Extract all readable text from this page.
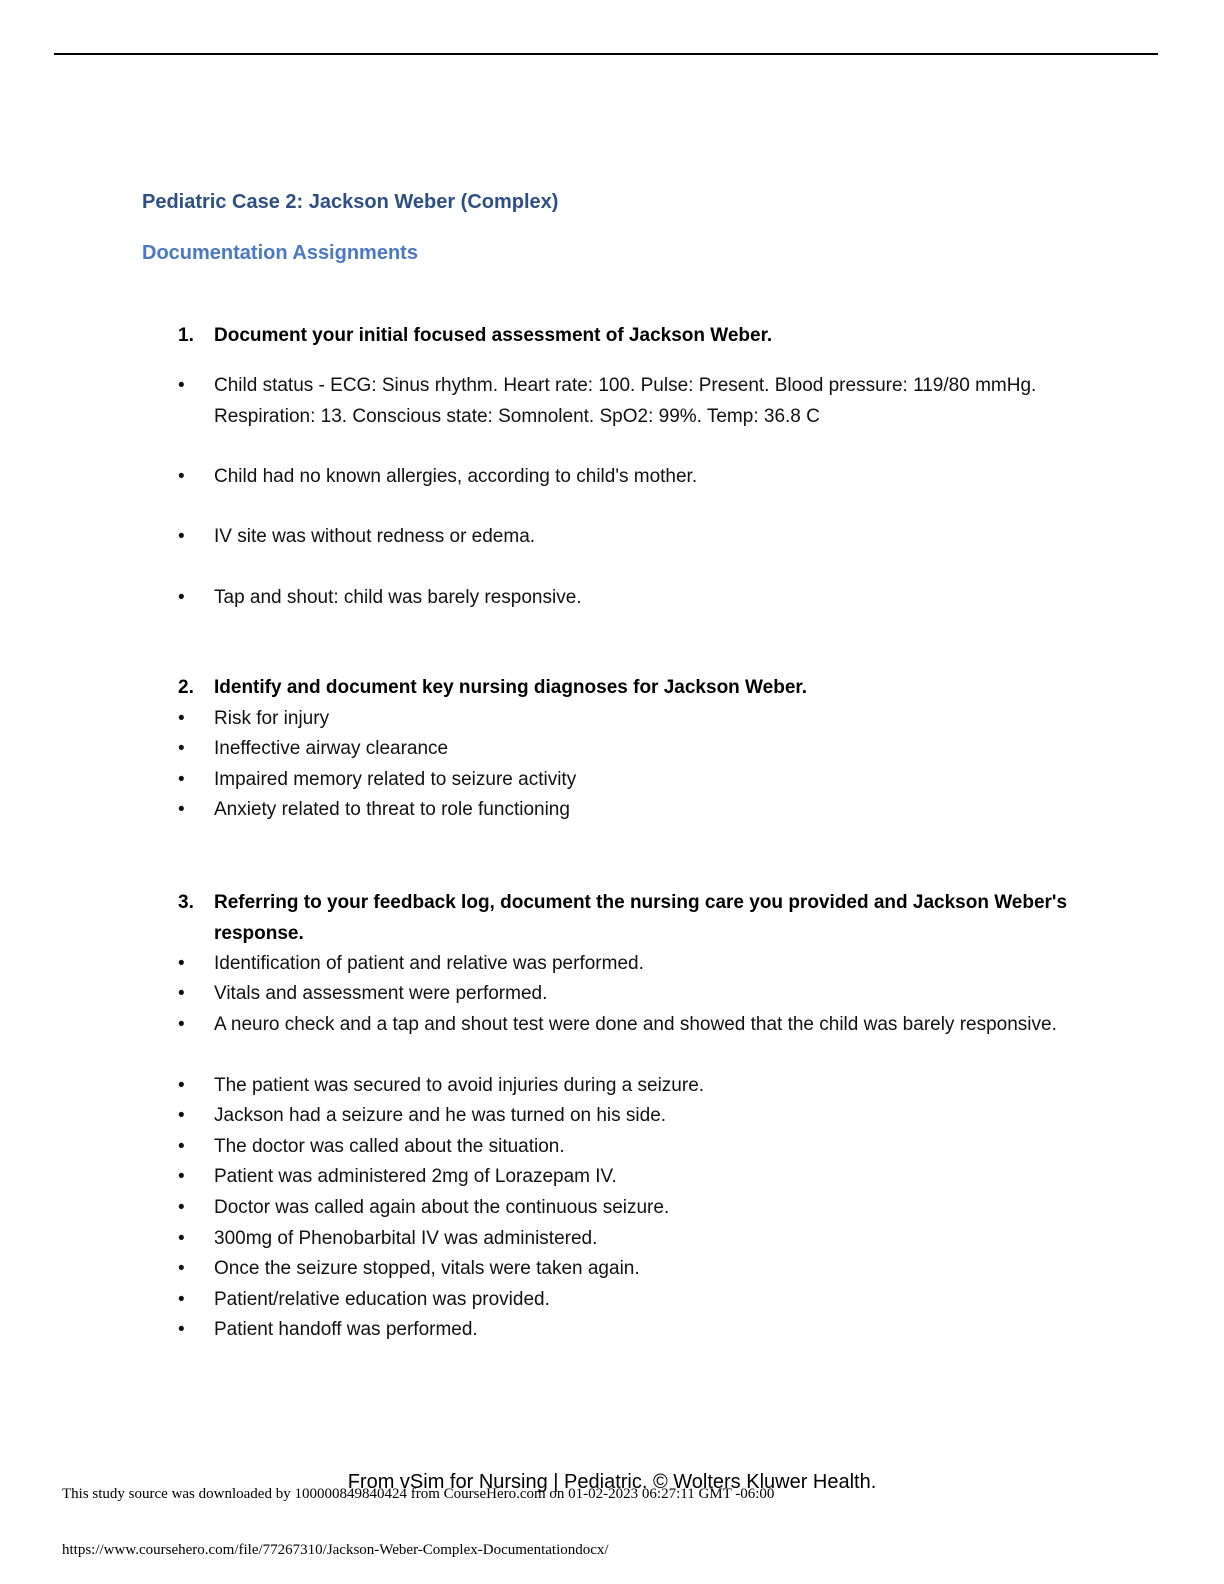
Pediatric Case 2: Jackson Weber (Complex)
Documentation Assignments
1. Document your initial focused assessment of Jackson Weber.
• Child status - ECG: Sinus rhythm. Heart rate: 100. Pulse: Present. Blood pressure: 119/80 mmHg. Respiration: 13. Conscious state: Somnolent. SpO2: 99%. Temp: 36.8 C
• Child had no known allergies, according to child's mother.
• IV site was without redness or edema.
• Tap and shout: child was barely responsive.
2. Identify and document key nursing diagnoses for Jackson Weber.
• Risk for injury
• Ineffective airway clearance
• Impaired memory related to seizure activity
• Anxiety related to threat to role functioning
3. Referring to your feedback log, document the nursing care you provided and Jackson Weber's response.
• Identification of patient and relative was performed.
• Vitals and assessment were performed.
• A neuro check and a tap and shout test were done and showed that the child was barely responsive.
• The patient was secured to avoid injuries during a seizure.
• Jackson had a seizure and he was turned on his side.
• The doctor was called about the situation.
• Patient was administered 2mg of Lorazepam IV.
• Doctor was called again about the continuous seizure.
• 300mg of Phenobarbital IV was administered.
• Once the seizure stopped, vitals were taken again.
• Patient/relative education was provided.
• Patient handoff was performed.
From vSim for Nursing | Pediatric. © Wolters Kluwer Health.
This study source was downloaded by 100000849840424 from CourseHero.com on 01-02-2023 06:27:11 GMT -06:00
https://www.coursehero.com/file/77267310/Jackson-Weber-Complex-Documentationdocx/
